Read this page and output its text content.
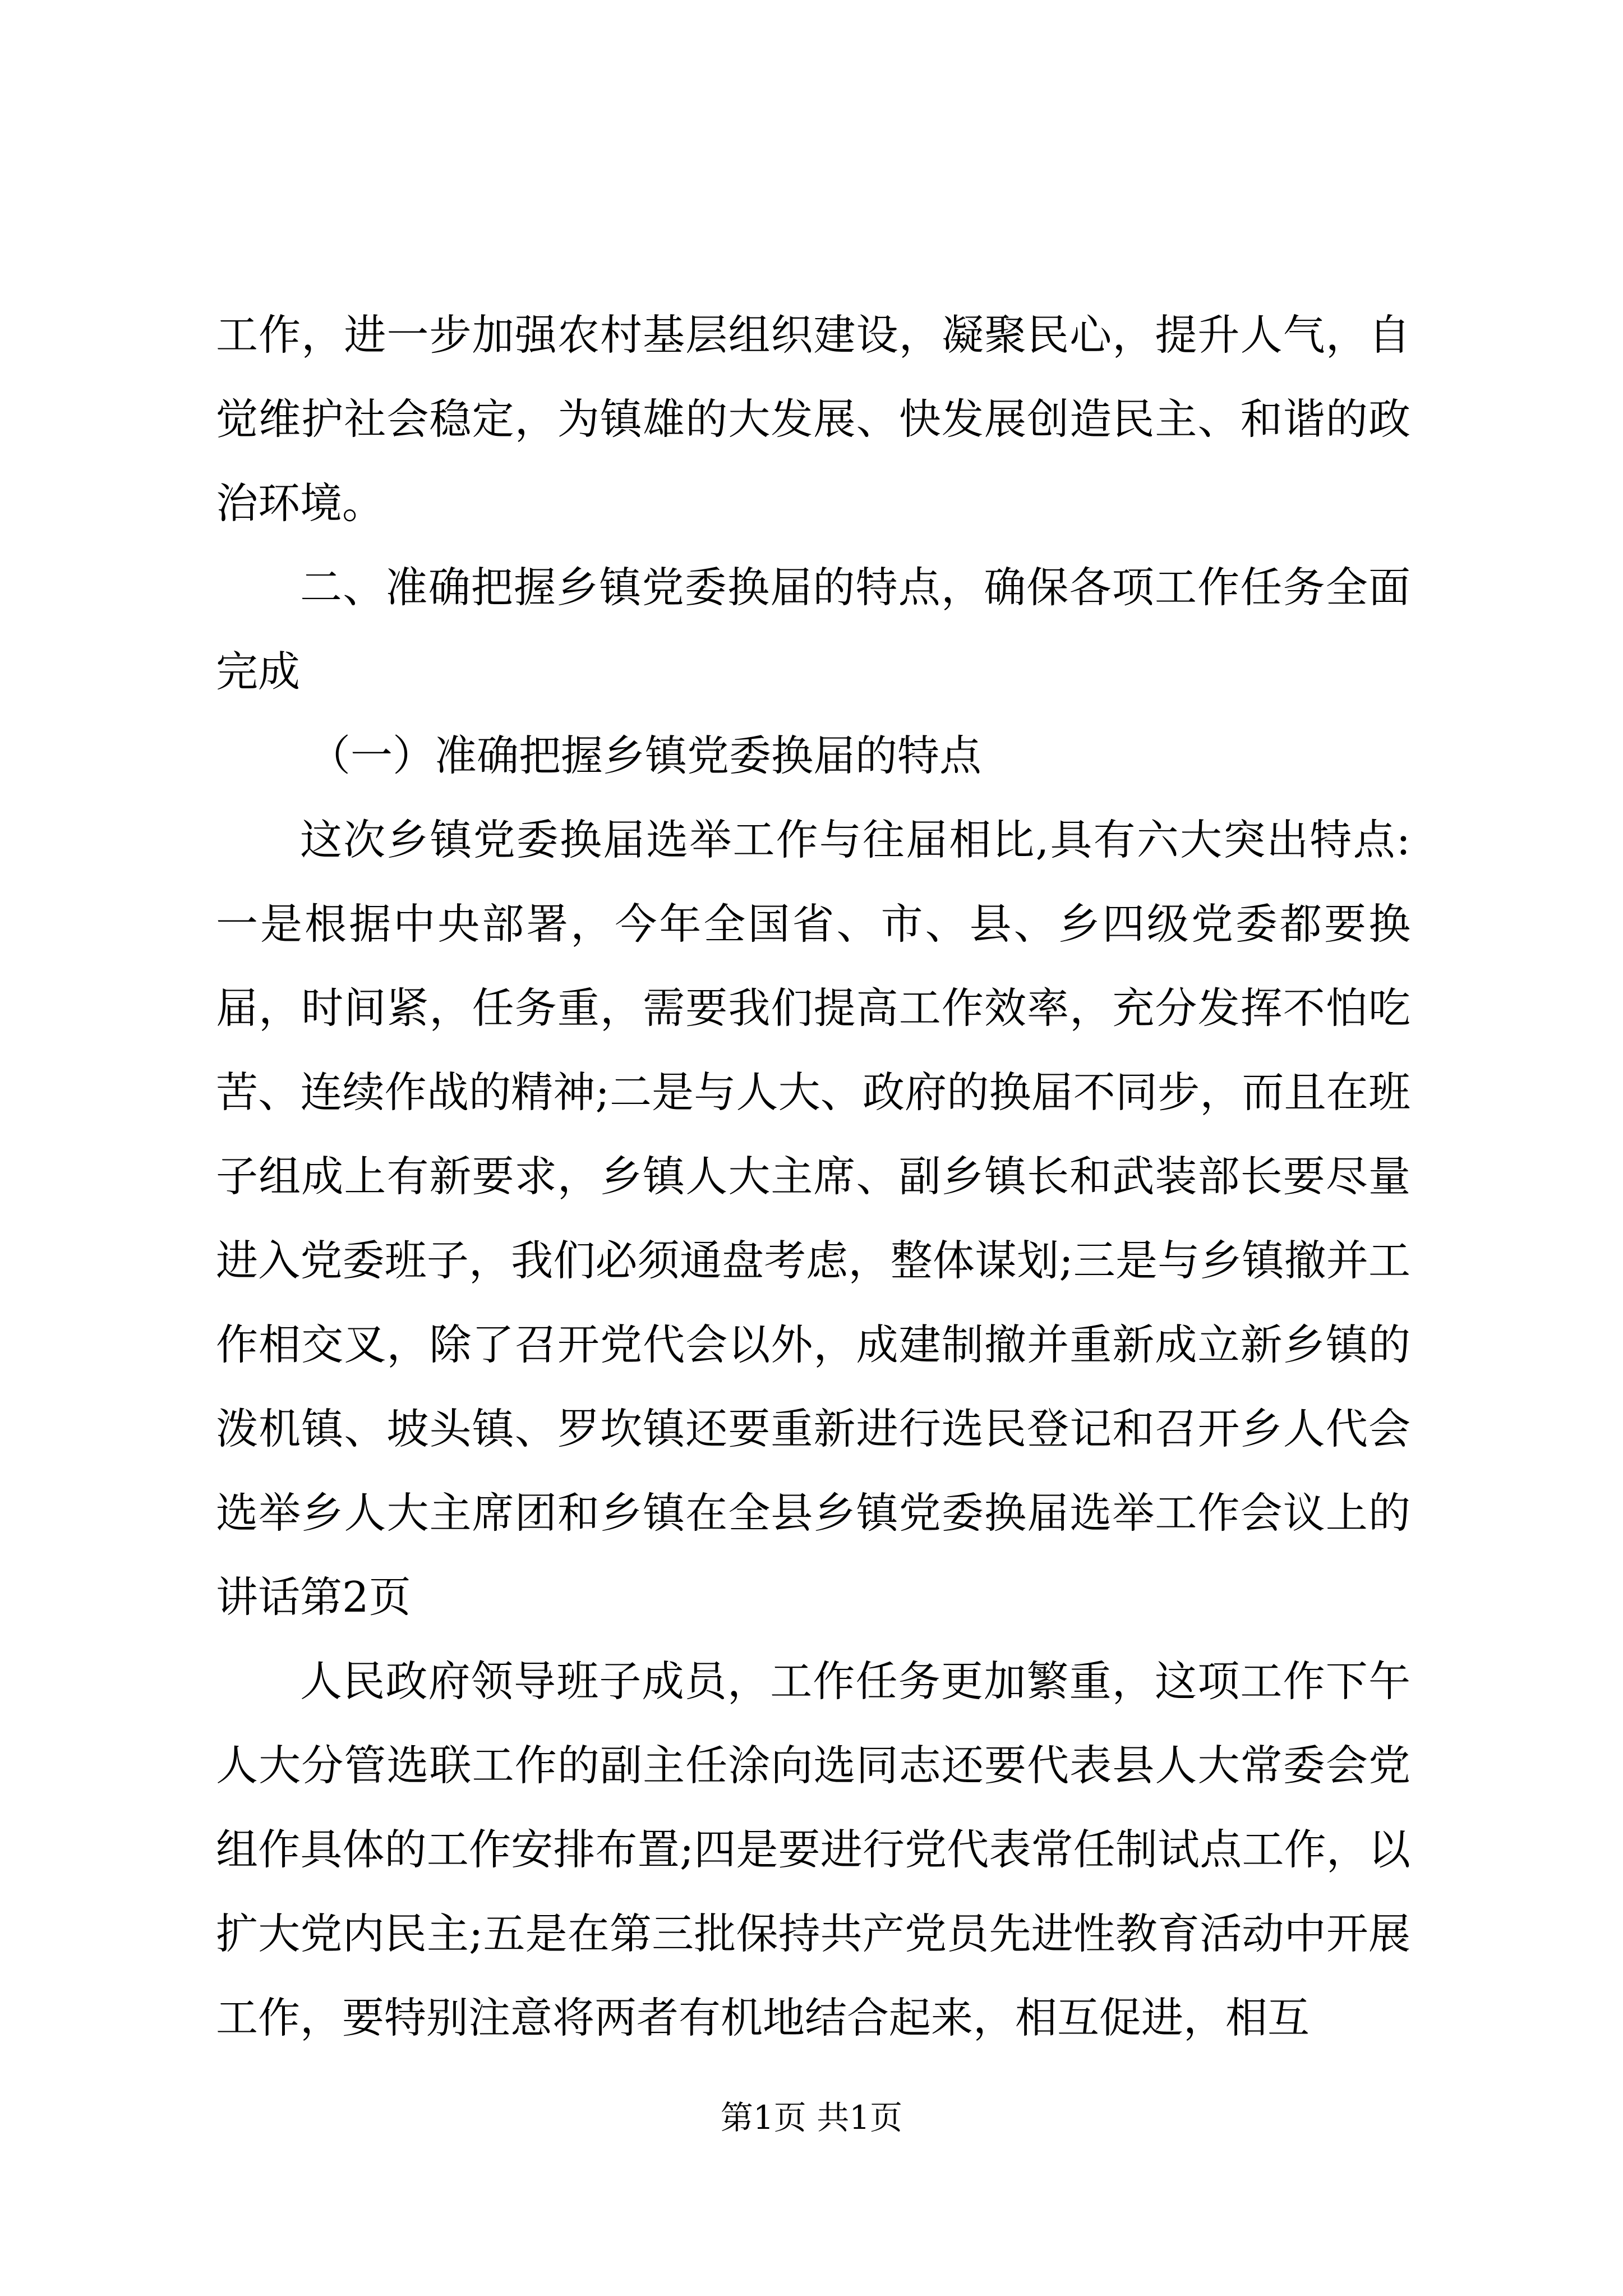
工作，进一步加强农村基层组织建设，凝聚民心，提升人气，自觉维护社会稳定，为镇雄的大发展、快发展创造民主、和谐的政治环境。

二、准确把握乡镇党委换届的特点，确保各项工作任务全面完成

（一）准确把握乡镇党委换届的特点

这次乡镇党委换届选举工作与往届相比,具有六大突出特点:一是根据中央部署，今年全国省、市、县、乡四级党委都要换届，时间紧，任务重，需要我们提高工作效率，充分发挥不怕吃苦、连续作战的精神;二是与人大、政府的换届不同步，而且在班子组成上有新要求，乡镇人大主席、副乡镇长和武装部长要尽量进入党委班子，我们必须通盘考虑，整体谋划;三是与乡镇撤并工作相交叉，除了召开党代会以外，成建制撤并重新成立新乡镇的泼机镇、坡头镇、罗坎镇还要重新进行选民登记和召开乡人代会选举乡人大主席团和乡镇在全县乡镇党委换届选举工作会议上的讲话第2页

人民政府领导班子成员，工作任务更加繁重，这项工作下午人大分管选联工作的副主任涂向选同志还要代表县人大常委会党组作具体的工作安排布置;四是要进行党代表常任制试点工作，以扩大党内民主;五是在第三批保持共产党员先进性教育活动中开展工作，要特别注意将两者有机地结合起来，相互促进，相互

第1页 共1页
